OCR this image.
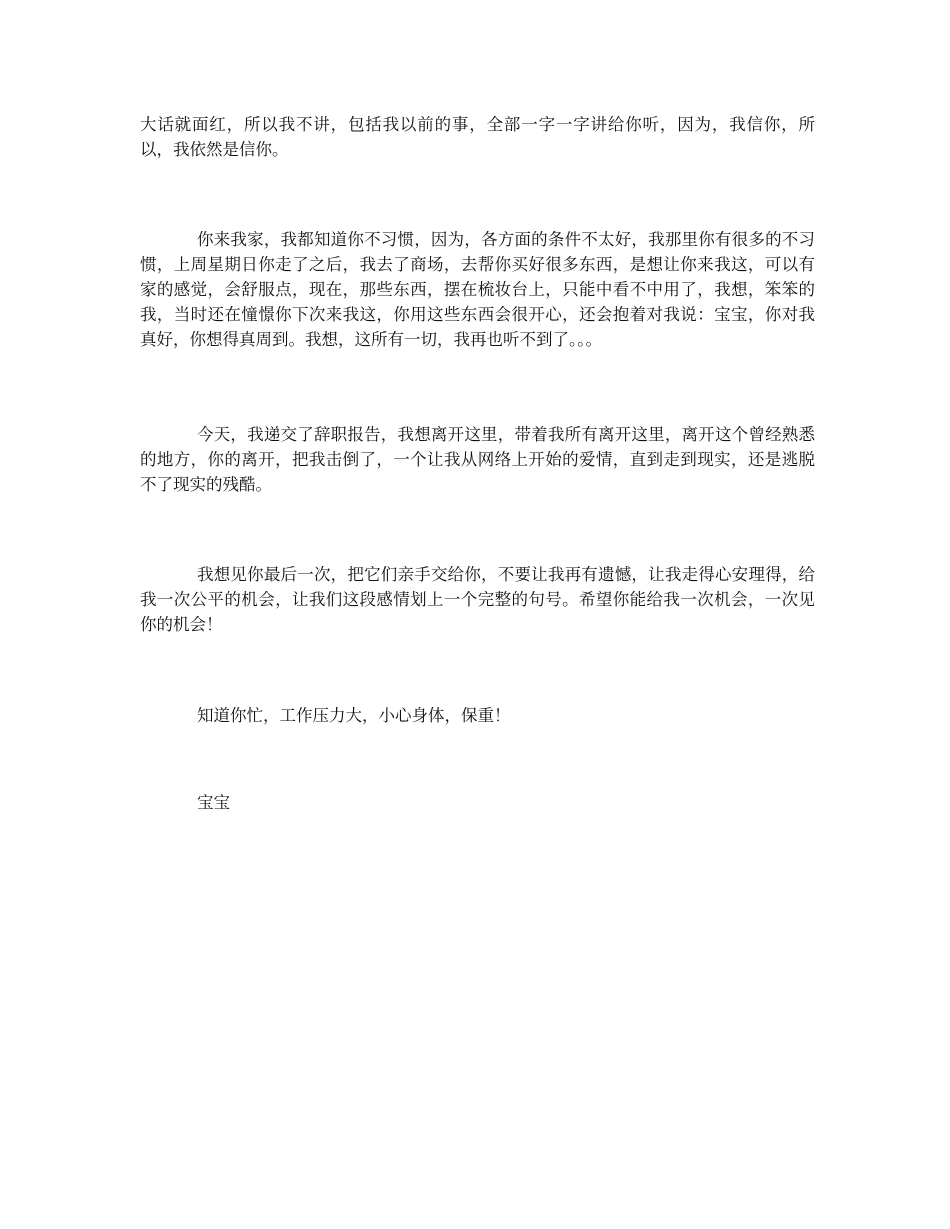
大话就面红，所以我不讲，包括我以前的事，全部一字一字讲给你听，因为，我信你，所以，我依然是信你。

你来我家，我都知道你不习惯，因为，各方面的条件不太好，我那里你有很多的不习惯，上周星期日你走了之后，我去了商场，去帮你买好很多东西，是想让你来我这，可以有家的感觉，会舒服点，现在，那些东西，摆在梳妆台上，只能中看不中用了，我想，笨笨的我，当时还在憧憬你下次来我这，你用这些东西会很开心，还会抱着对我说：宝宝，你对我真好，你想得真周到。我想，这所有一切，我再也听不到了。。。

今天，我递交了辞职报告，我想离开这里，带着我所有离开这里，离开这个曾经熟悉的地方，你的离开，把我击倒了，一个让我从网络上开始的爱情，直到走到现实，还是逃脱不了现实的残酷。

我想见你最后一次，把它们亲手交给你，不要让我再有遗憾，让我走得心安理得，给我一次公平的机会，让我们这段感情划上一个完整的句号。希望你能给我一次机会，一次见你的机会！

知道你忙，工作压力大，小心身体，保重！

宝宝
